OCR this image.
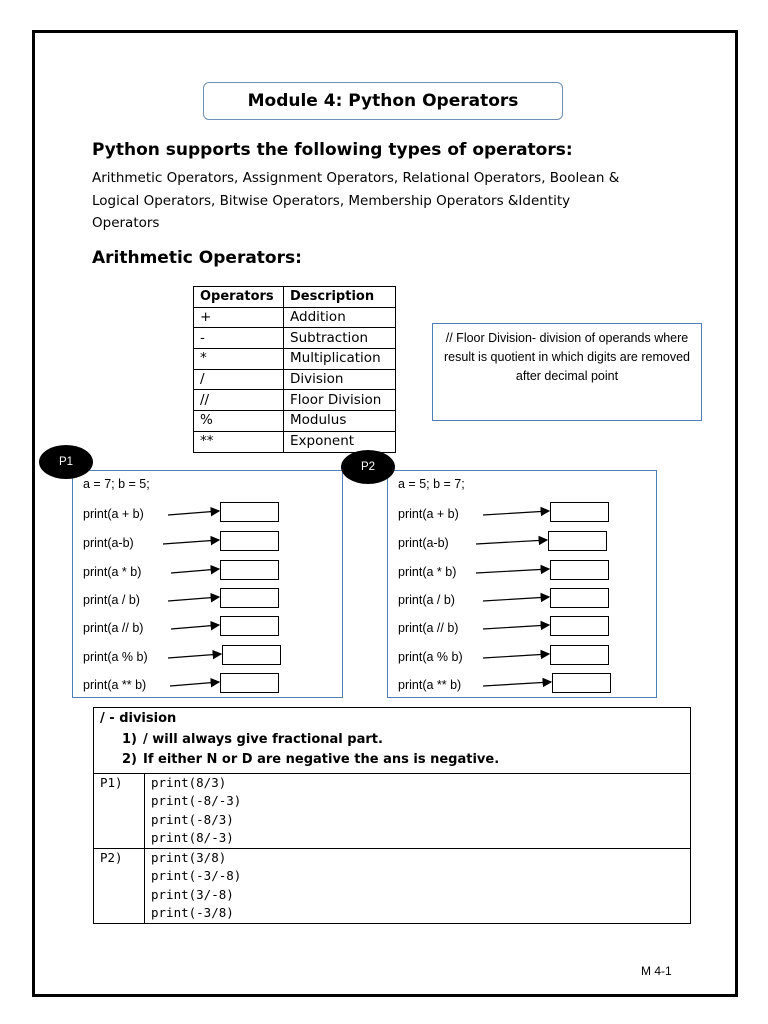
Module 4: Python Operators
Python supports the following types of operators:
Arithmetic Operators, Assignment Operators, Relational Operators, Boolean &
Logical Operators, Bitwise Operators, Membership Operators &Identity
Operators
Arithmetic Operators:
Operators	Description
+	Addition
-	Subtraction
*	Multiplication
/	Division
//	Floor Division
%	Modulus
**	Exponent
// Floor Division- division of operands where result is quotient in which digits are removed after decimal point
a = 7; b = 5;
print(a + b)
print(a-b)
print(a * b)
print(a / b)
print(a // b)
print(a % b)
print(a ** b)
P1
a = 5; b = 7;
print(a + b)
print(a-b)
print(a * b)
print(a / b)
print(a // b)
print(a % b)
print(a ** b)
P2
/ - division
1) / will always give fractional part.
2) If either N or D are negative the ans is negative.	

P1)	print(8/3)
print(-8/-3)
print(-8/3)
print(8/-3)

P2)	print(3/8)
print(-3/-8)
print(3/-8)
print(-3/8)
M 4-1
